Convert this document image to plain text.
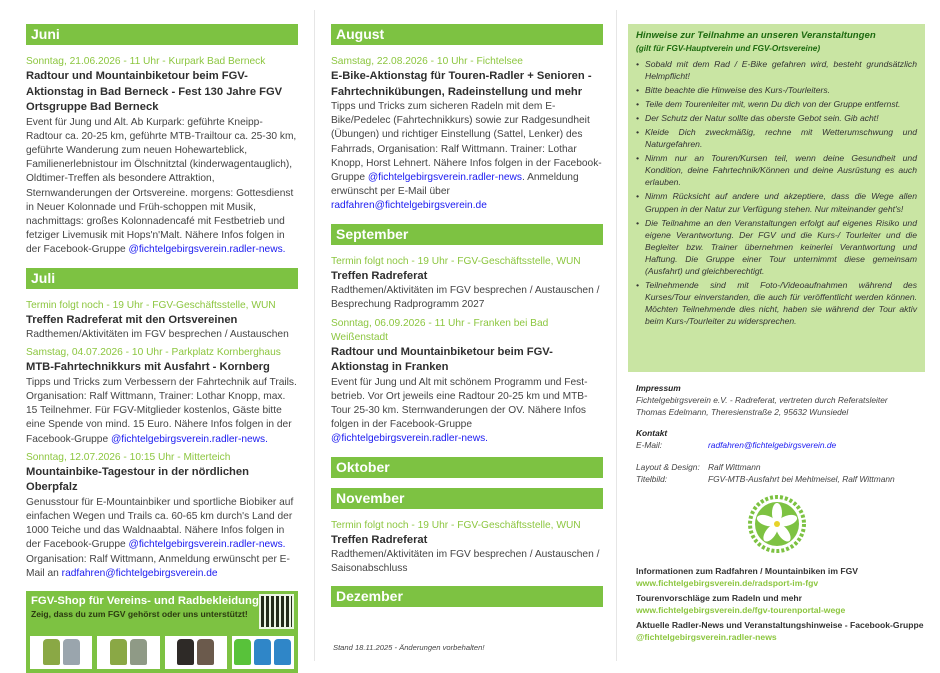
Juni
Sonntag, 21.06.2026 - 11 Uhr - Kurpark Bad Berneck
Radtour und Mountainbiketour beim FGV-Aktionstag in Bad Berneck - Fest 130 Jahre FGV Ortsgruppe Bad Berneck
Event für Jung und Alt. Ab Kurpark: geführte Kneipp-Radtour ca. 20-25 km, geführte MTB-Trailtour ca. 25-30 km, geführte Wanderung zum neuen Hohewarteblick, Familienerlebnistour im Ölschnitztal (kinderwagentauglich), Oldtimer-Treffen als besondere Attraktion, Sternwanderungen der Ortsvereine. morgens: Gottesdienst in Neuer Kolonnade und Früh-schoppen mit Musik, nachmittags: großes Kolonnadencafé mit Festbetrieb und fetziger Livemusik mit Hops'n'Malt. Nähere Infos folgen in der Facebook-Gruppe @fichtelgebirgsverein.radler-news.
Juli
Termin folgt noch - 19 Uhr - FGV-Geschäftsstelle, WUN
Treffen Radreferat mit den Ortsvereinen
Radthemen/Aktivitäten im FGV besprechen / Austauschen
Samstag, 04.07.2026 - 10 Uhr - Parkplatz Kornberghaus
MTB-Fahrtechnikkurs mit Ausfahrt - Kornberg
Tipps und Tricks zum Verbessern der Fahrtechnik auf Trails. Organisation: Ralf Wittmann, Trainer: Lothar Knopp, max. 15 Teilnehmer. Für FGV-Mitglieder kostenlos, Gäste bitte eine Spende von mind. 15 Euro. Nähere Infos folgen in der Facebook-Gruppe @fichtelgebirgsverein.radler-news.
Sonntag, 12.07.2026 - 10:15 Uhr - Mitterteich
Mountainbike-Tagestour in der nördlichen Oberpfalz
Genusstour für E-Mountainbiker und sportliche Biobiker auf einfachen Wegen und Trails ca. 60-65 km durch's Land der 1000 Teiche und das Waldnaabtal. Nähere Infos folgen in der Facebook-Gruppe @fichtelgebirgsverein.radler-news. Organisation: Ralf Wittmann, Anmeldung erwünscht per E-Mail an radfahren@fichtelgebirgsverein.de
FGV-Shop für Vereins- und Radbekleidung
Zeig, dass du zum FGV gehörst oder uns unterstützt!
August
Samstag, 22.08.2026 - 10 Uhr - Fichtelsee
E-Bike-Aktionstag für Touren-Radler + Senioren - Fahrtechnikübungen, Radeinstellung und mehr
Tipps und Tricks zum sicheren Radeln mit dem E-Bike/Pedelec (Fahrtechnikkurs) sowie zur Radgesundheit (Übungen) und richtiger Einstellung (Sattel, Lenker) des Fahrrads, Organisation: Ralf Wittmann. Trainer: Lothar Knopp, Horst Lehnert. Nähere Infos folgen in der Facebook-Gruppe @fichtelgebirgsverein.radler-news. Anmeldung erwünscht per E-Mail über radfahren@fichtelgebirgsverein.de
September
Termin folgt noch - 19 Uhr - FGV-Geschäftsstelle, WUN
Treffen Radreferat
Radthemen/Aktivitäten im FGV besprechen / Austauschen / Besprechung Radprogramm 2027
Sonntag, 06.09.2026 - 11 Uhr - Franken bei Bad Weißenstadt
Radtour und Mountainbiketour beim FGV-Aktionstag in Franken
Event für Jung und Alt mit schönem Programm und Fest-betrieb. Vor Ort jeweils eine Radtour 20-25 km und MTB-Tour 25-30 km. Sternwanderungen der OV. Nähere Infos folgen in der Facebook-Gruppe @fichtelgebirgsverein.radler-news.
Oktober
November
Termin folgt noch - 19 Uhr - FGV-Geschäftsstelle, WUN
Treffen Radreferat
Radthemen/Aktivitäten im FGV besprechen / Austauschen / Saisonabschluss
Dezember
Stand 18.11.2025 - Änderungen vorbehalten!
Hinweise zur Teilnahme an unseren Veranstaltungen
(gilt für FGV-Hauptverein und FGV-Ortsvereine)
• Sobald mit dem Rad / E-Bike gefahren wird, besteht grundsätzlich Helmpflicht!
• Bitte beachte die Hinweise des Kurs-/Tourleiters.
• Teile dem Tourenleiter mit, wenn Du dich von der Gruppe entfernst.
• Der Schutz der Natur sollte das oberste Gebot sein. Gib acht!
• Kleide Dich zweckmäßig, rechne mit Wetterumschwung und Naturgefahren.
• Nimm nur an Touren/Kursen teil, wenn deine Gesundheit und Kondition, deine Fahrtechnik/Können und deine Ausrüstung es auch erlauben.
• Nimm Rücksicht auf andere und akzeptiere, dass die Wege allen Gruppen in der Natur zur Verfügung stehen. Nur miteinander geht's!
• Die Teilnahme an den Veranstaltungen erfolgt auf eigenes Risiko und eigene Verantwortung. Der FGV und die Kurs-/ Tourleiter und die Begleiter bzw. Trainer übernehmen keinerlei Verantwortung und Haftung. Die Gruppe einer Tour unternimmt diese gemeinsam (Ausfahrt) und gleichberechtigt.
• Teilnehmende sind mit Foto-/Videoaufnahmen während des Kurses/Tour einverstanden, die auch für veröffentlicht werden können. Möchten Teilnehmende dies nicht, haben sie während der Tour aktiv beim Kurs-/Tourleiter zu widersprechen.
Impressum
Fichtelgebirgsverein e.V. - Radreferat, vertreten durch Referatsleiter
Thomas Edelmann, Theresienstraße 2, 95632 Wunsiedel
Kontakt
E-Mail:	radfahren@fichtelgebirgsverein.de
Layout & Design: Ralf Wittmann
Titelbild:	FGV-MTB-Ausfahrt bei Mehlmeisel, Ralf Wittmann
Informationen zum Radfahren / Mountainbiken im FGV
www.fichtelgebirgsverein.de/radsport-im-fgv
Tourenvorschläge zum Radeln und mehr
www.fichtelgebirgsverein.de/fgv-tourenportal-wege
Aktuelle Radler-News und Veranstaltungshinweise - Facebook-Gruppe
@fichtelgebirgsverein.radler-news
